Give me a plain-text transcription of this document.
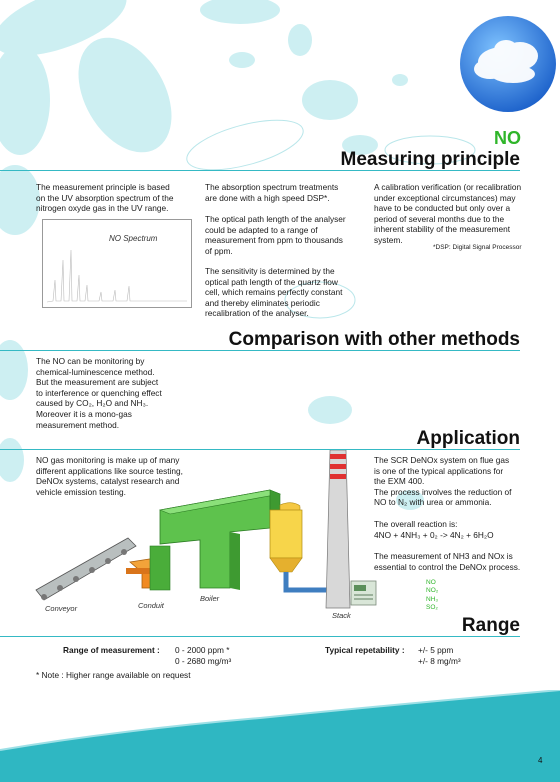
NO
Measuring principle
The measurement principle is based
on the UV absorption spectrum of the
nitrogen oxyde gas in the UV range.
NO Spectrum
The absorption spectrum treatments
are done with a high speed DSP*.
The optical path length of the analyser
could be adapted to a range of
measurement from ppm to thousands
of ppm.
The sensitivity is determined by the
optical path length of the quartz flow
cell, which remains perfectly constant
and thereby eliminates periodic
recalibration of the analyser.
A calibration verification (or recalibration
under exceptional circumstances) may
have to be conducted but only over a
period of several months due to the
inherent stability of the measurement
system.
*DSP: Digital Signal Processor
Comparison with other methods
The NO can be monitoring by
chemical-luminescence method.
But the measurement are subject
to interference or quenching effect
caused by CO₂, H₂O and NH₃.
Moreover it is a mono-gas
measurement method.
Application
NO gas monitoring is make up of many
different applications like source testing,
DeNOx systems, catalyst research and
vehicle emission testing.
The SCR DeNOx system on flue gas
is one of the typical applications for
the EXM 400.
The process involves the reduction of
NO to N₂ with urea or ammonia.
The overall reaction is:
4NO + 4NH₃ + 0₂ -> 4N₂ + 6H₂O
The measurement of NH3 and NOx is
essential to control the DeNOx process.
Conveyor	Conduit
Boiler
DeNOx
Stack
NO
NO₂
NH₃
SO₂
Range
Range of measurement : 0 - 2000 ppm *
0 - 2680 mg/m³
Typical repetability : +/- 5 ppm
+/- 8 mg/m³
* Note : Higher range available on request
4
